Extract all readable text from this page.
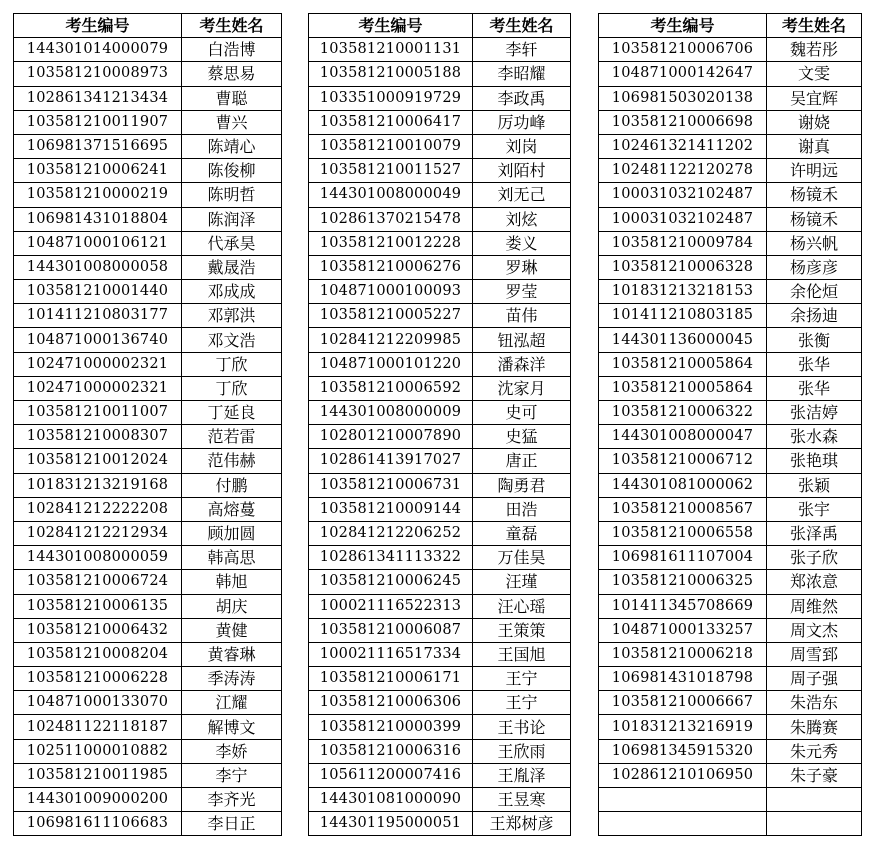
考生编号	考生姓名
144301014000079	白浩博
103581210008973	蔡思易
102861341213434	曹聪
103581210011907	曹兴
106981371516695	陈靖心
103581210006241	陈俊柳
103581210000219	陈明哲
106981431018804	陈润泽
104871000106121	代承昊
144301008000058	戴晟浩
103581210001440	邓成成
101411210803177	邓郭洪
104871000136740	邓文浩
102471000002321	丁欣
102471000002321	丁欣
103581210011007	丁延良
103581210008307	范若雷
103581210012024	范伟赫
101831213219168	付鹏
102841212222208	高熔蔓
102841212212934	顾加圆
144301008000059	韩高思
103581210006724	韩旭
103581210006135	胡庆
103581210006432	黄健
103581210008204	黄睿琳
103581210006228	季涛涛
104871000133070	江耀
102481122118187	解博文
102511000010882	李娇
103581210011985	李宁
144301009000200	李齐光
106981611106683	李日正
考生编号	考生姓名
103581210001131	李轩
103581210005188	李昭耀
103351000919729	李政禹
103581210006417	厉功峰
103581210010079	刘岗
103581210011527	刘陌村
144301008000049	刘无己
102861370215478	刘炫
103581210012228	娄义
103581210006276	罗琳
104871000100093	罗莹
103581210005227	苗伟
102841212209985	钮泓超
104871000101220	潘森洋
103581210006592	沈家月
144301008000009	史可
102801210007890	史猛
102861413917027	唐正
103581210006731	陶勇君
103581210009144	田浩
102841212206252	童磊
102861341113322	万佳昊
103581210006245	汪瑾
100021116522313	汪心瑶
103581210006087	王策策
100021116517334	王国旭
103581210006171	王宁
103581210006306	王宁
103581210000399	王书论
103581210006316	王欣雨
105611200007416	王胤泽
144301081000090	王昱寒
144301195000051	王郑树彦
考生编号	考生姓名
103581210006706	魏若彤
104871000142647	文雯
106981503020138	吴宜辉
103581210006698	谢娆
102461321411202	谢真
102481122120278	许明远
100031032102487	杨镜禾
100031032102487	杨镜禾
103581210009784	杨兴帆
103581210006328	杨彦彦
101831213218153	余伦烜
101411210803185	余扬迪
144301136000045	张衡
103581210005864	张华
103581210005864	张华
103581210006322	张洁婷
144301008000047	张水森
103581210006712	张艳琪
144301081000062	张颖
103581210008567	张宇
103581210006558	张泽禹
106981611107004	张子欣
103581210006325	郑浓意
101411345708669	周维然
104871000133257	周文杰
103581210006218	周雪郅
106981431018798	周子强
103581210006667	朱浩东
101831213216919	朱腾赛
106981345915320	朱元秀
102861210106950	朱子豪
